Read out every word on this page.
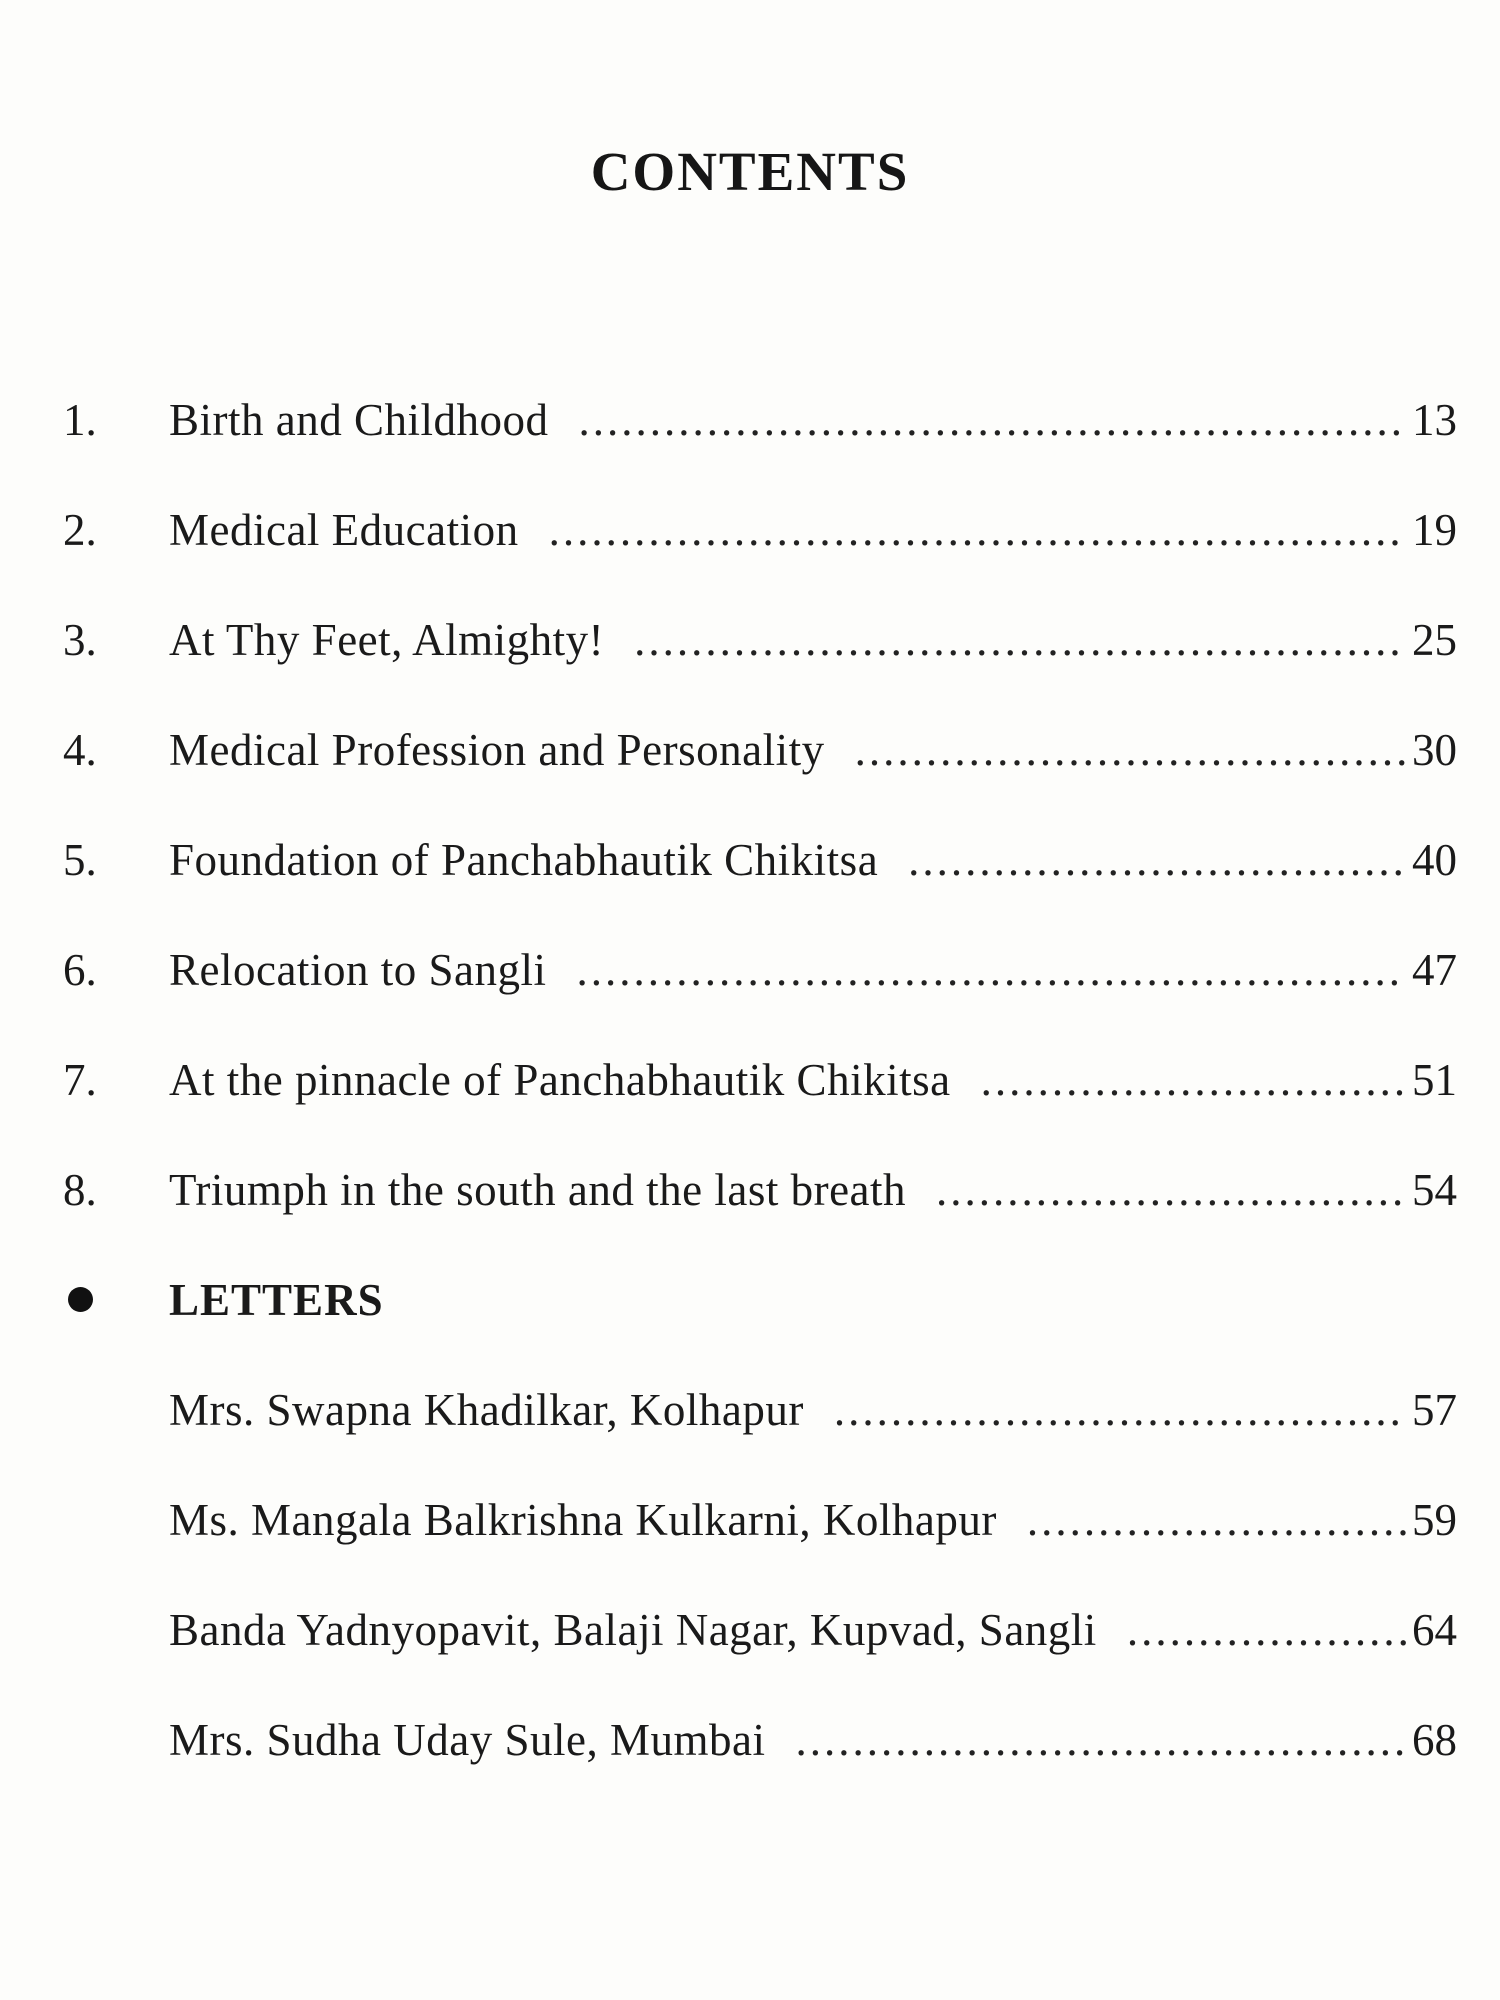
CONTENTS
1. Birth and Childhood .....	13
2. Medical Education .....	19
3. At Thy Feet, Almighty! .....	25
4. Medical Profession and Personality .....	30
5. Foundation of Panchabhautik Chikitsa .....	40
6. Relocation to Sangli .....	47
7. At the pinnacle of Panchabhautik Chikitsa .....	51
8. Triumph in the south and the last breath .....	54
LETTERS
Mrs. Swapna Khadilkar, Kolhapur .....	57
Ms. Mangala Balkrishna Kulkarni, Kolhapur .....	59
Banda Yadnyopavit, Balaji Nagar, Kupvad, Sangli .....	64
Mrs. Sudha Uday Sule, Mumbai .....	68
